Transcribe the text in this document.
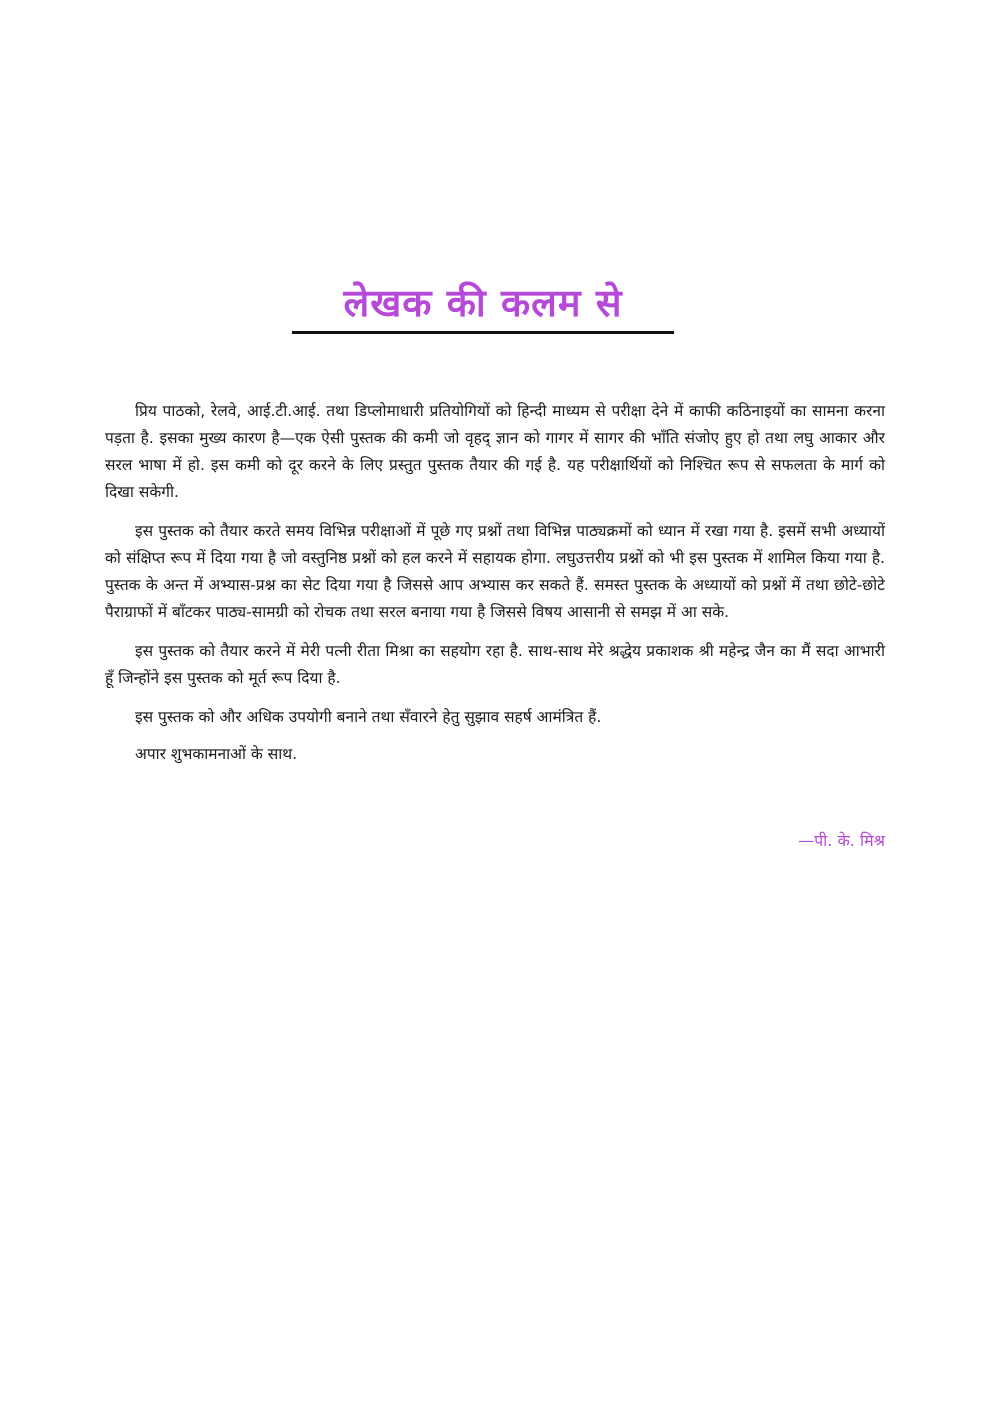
लेखक की कलम से

प्रिय पाठको, रेलवे, आई.टी.आई. तथा डिप्लोमाधारी प्रतियोगियों को हिन्दी माध्यम से परीक्षा देने में काफी कठिनाइयों का सामना करना पड़ता है. इसका मुख्य कारण है—एक ऐसी पुस्तक की कमी जो वृहद् ज्ञान को गागर में सागर की भाँति संजोए हुए हो तथा लघु आकार और सरल भाषा में हो. इस कमी को दूर करने के लिए प्रस्तुत पुस्तक तैयार की गई है. यह परीक्षार्थियों को निश्चित रूप से सफलता के मार्ग को दिखा सकेगी.

इस पुस्तक को तैयार करते समय विभिन्न परीक्षाओं में पूछे गए प्रश्नों तथा विभिन्न पाठ्यक्रमों को ध्यान में रखा गया है. इसमें सभी अध्यायों को संक्षिप्त रूप में दिया गया है जो वस्तुनिष्ठ प्रश्नों को हल करने में सहायक होगा. लघुउत्तरीय प्रश्नों को भी इस पुस्तक में शामिल किया गया है. पुस्तक के अन्त में अभ्यास-प्रश्न का सेट दिया गया है जिससे आप अभ्यास कर सकते हैं. समस्त पुस्तक के अध्यायों को प्रश्नों में तथा छोटे-छोटे पैराग्राफों में बाँटकर पाठ्य-सामग्री को रोचक तथा सरल बनाया गया है जिससे विषय आसानी से समझ में आ सके.

इस पुस्तक को तैयार करने में मेरी पत्नी रीता मिश्रा का सहयोग रहा है. साथ-साथ मेरे श्रद्धेय प्रकाशक श्री महेन्द्र जैन का मैं सदा आभारी हूँ जिन्होंने इस पुस्तक को मूर्त रूप दिया है.

इस पुस्तक को और अधिक उपयोगी बनाने तथा सँवारने हेतु सुझाव सहर्ष आमंत्रित हैं.

अपार शुभकामनाओं के साथ.

—पी. के. मिश्र
